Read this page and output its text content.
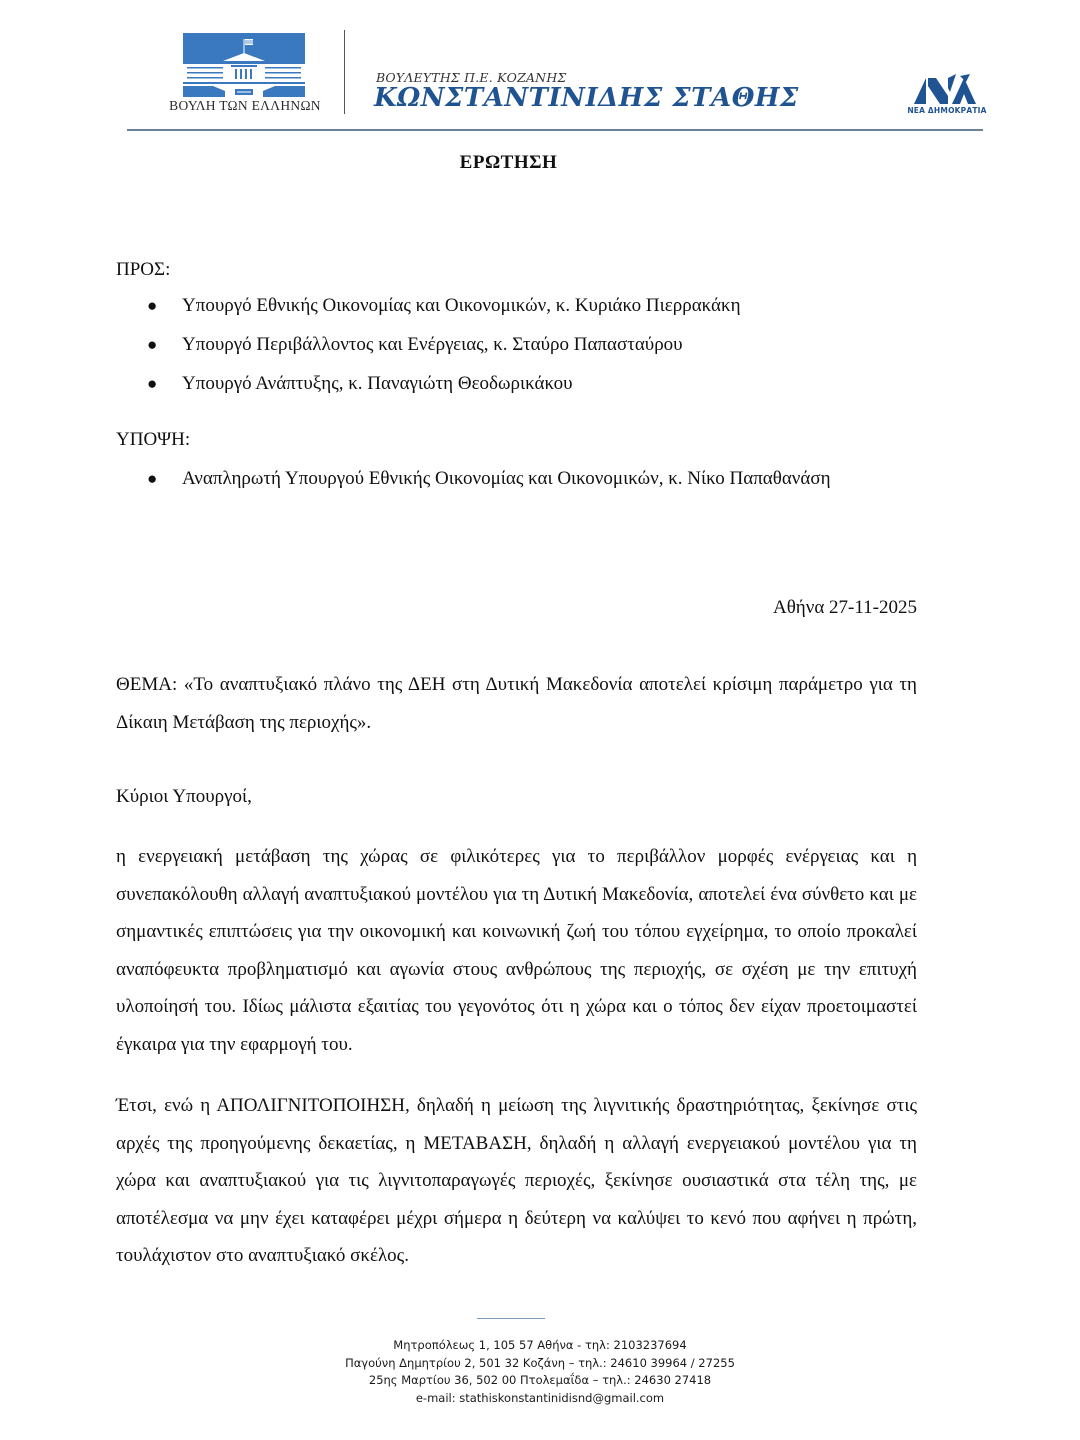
ΒΟΥΛΗ ΤΩΝ ΕΛΛΗΝΩΝ
ΒΟΥΛΕΥΤΗΣ Π.Ε. ΚΟΖΑΝΗΣ
ΚΩΝΣΤΑΝΤΙΝΙΔΗΣ ΣΤΑΘΗΣ	ΝΕΑ ΔΗΜΟΚΡΑΤΙΑ
ΕΡΩΤΗΣΗ
ΠΡΟΣ:
● Υπουργό Εθνικής Οικονομίας και Οικονομικών, κ. Κυριάκο Πιερρακάκη
● Υπουργό Περιβάλλοντος και Ενέργειας, κ. Σταύρο Παπασταύρου
● Υπουργό Ανάπτυξης, κ. Παναγιώτη Θεοδωρικάκου
ΥΠΟΨΗ:
● Αναπληρωτή Υπουργού Εθνικής Οικονομίας και Οικονομικών, κ. Νίκο Παπαθανάση
Αθήνα 27-11-2025
ΘΕΜΑ: «Το αναπτυξιακό πλάνο της ΔΕΗ στη Δυτική Μακεδονία αποτελεί κρίσιμη παράμετρο για τη Δίκαιη Μετάβαση της περιοχής».
Κύριοι Υπουργοί,
η ενεργειακή μετάβαση της χώρας σε φιλικότερες για το περιβάλλον μορφές ενέργειας και η συνεπακόλουθη αλλαγή αναπτυξιακού μοντέλου για τη Δυτική Μακεδονία, αποτελεί ένα σύνθετο και με σημαντικές επιπτώσεις για την οικονομική και κοινωνική ζωή του τόπου εγχείρημα, το οποίο προκαλεί αναπόφευκτα προβληματισμό και αγωνία στους ανθρώπους της περιοχής, σε σχέση με την επιτυχή υλοποίησή του. Ιδίως μάλιστα εξαιτίας του γεγονότος ότι η χώρα και ο τόπος δεν είχαν προετοιμαστεί έγκαιρα για την εφαρμογή του.
Έτσι, ενώ η ΑΠΟΛΙΓΝΙΤΟΠΟΙΗΣΗ, δηλαδή η μείωση της λιγνιτικής δραστηριότητας, ξεκίνησε στις αρχές της προηγούμενης δεκαετίας, η ΜΕΤΑΒΑΣΗ, δηλαδή η αλλαγή ενεργειακού μοντέλου για τη χώρα και αναπτυξιακού για τις λιγνιτοπαραγωγές περιοχές, ξεκίνησε ουσιαστικά στα τέλη της, με αποτέλεσμα να μην έχει καταφέρει μέχρι σήμερα η δεύτερη να καλύψει το κενό που αφήνει η πρώτη, τουλάχιστον στο αναπτυξιακό σκέλος.
Μητροπόλεως 1, 105 57 Αθήνα - τηλ: 2103237694
Παγούνη Δημητρίου 2, 501 32 Κοζάνη – τηλ.: 24610 39964 / 27255
25ης Μαρτίου 36, 502 00 Πτολεμαΐδα – τηλ.: 24630 27418
e-mail: stathiskonstantinidisnd@gmail.com
